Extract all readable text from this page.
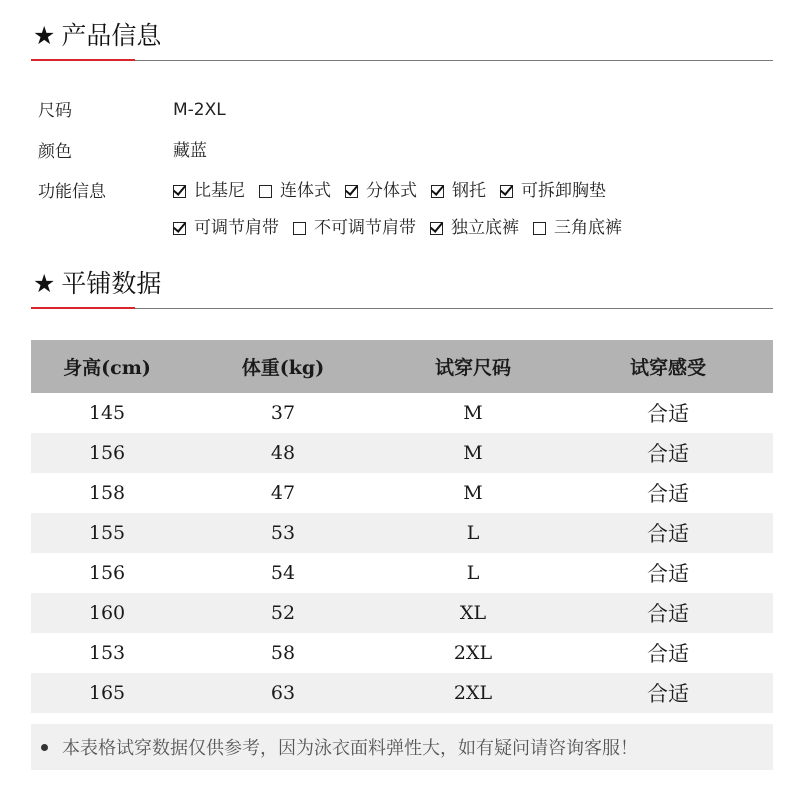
★ 产品信息
尺码	M-2XL
颜色	藏蓝
功能信息	比基尼 连体式 分体式 钢托 可拆卸胸垫
可调节肩带 不可调节肩带 独立底裤 三角底裤
★ 平铺数据
身高(cm)	体重(kg)	试穿尺码	试穿感受
145	37	M	合适
156	48	M	合适
158	47	M	合适
155	53	L	合适
156	54	L	合适
160	52	XL	合适
153	58	2XL	合适
165	63	2XL	合适
本表格试穿数据仅供参考，因为泳衣面料弹性大，如有疑问请咨询客服！
